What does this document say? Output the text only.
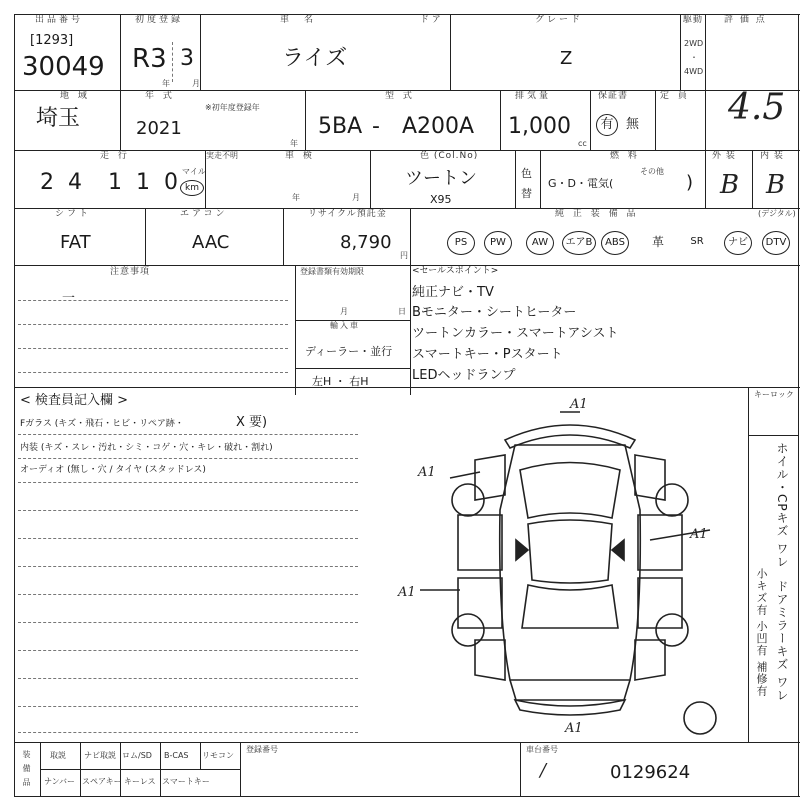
出品番号
[1293]
30049
初度登録
R3 3
年	月
車　名
ライズ
ドア	グレード
Z
駆動
2WD
・
4WD
評 価 点
4.5
地 域
埼玉
年 式
※初年度登録年
2021
年
型 式
5BA - A200A
排気量
1,000
cc
保証書
有 無
定 員
走 行	実走不明
2 4 1 1 0 マイル
km
車 検
年	月
色 (Col.No)
ツートン
X95
色
替
燃 料
G・D・電気(
その他
)
外 装
B
内 装
B
シフト
FAT
エアコン
AAC
リサイクル預託金
8,790
円
純 正 装 備 品	(デジタル)
PS	PW	AW	エアB	ABS	革	SR	ナビ	DTV
注意事項
一
登録書類有効期限
月	日
輸入車
ディーラー・並行
左H ・ 右H
<セールスポイント>
純正ナビ・TV
Bモニター・シートヒーター
ツートンカラー・スマートアシスト
スマートキー・Pスタート
LEDヘッドランプ
< 検査員記入欄 >
Fガラス (キズ・飛石・ヒビ・リペア跡・	X 要)
内装 (キズ・スレ・汚れ・シミ・コゲ・穴・キレ・破れ・割れ)
オーディオ (無し・穴 / タイヤ (スタッドレス)
キーロック
ホイル・CPキズ ワレ
ドアミラーキズ ワレ
小キズ有 小凹有 補修有
A1
A1
A1
A1
A1
装備品 取説 ナビ取説 ロム/SD B-CAS リモコン
ナンバー スペアキー キーレス スマートキー
登録番号	車台番号
/	0129624
